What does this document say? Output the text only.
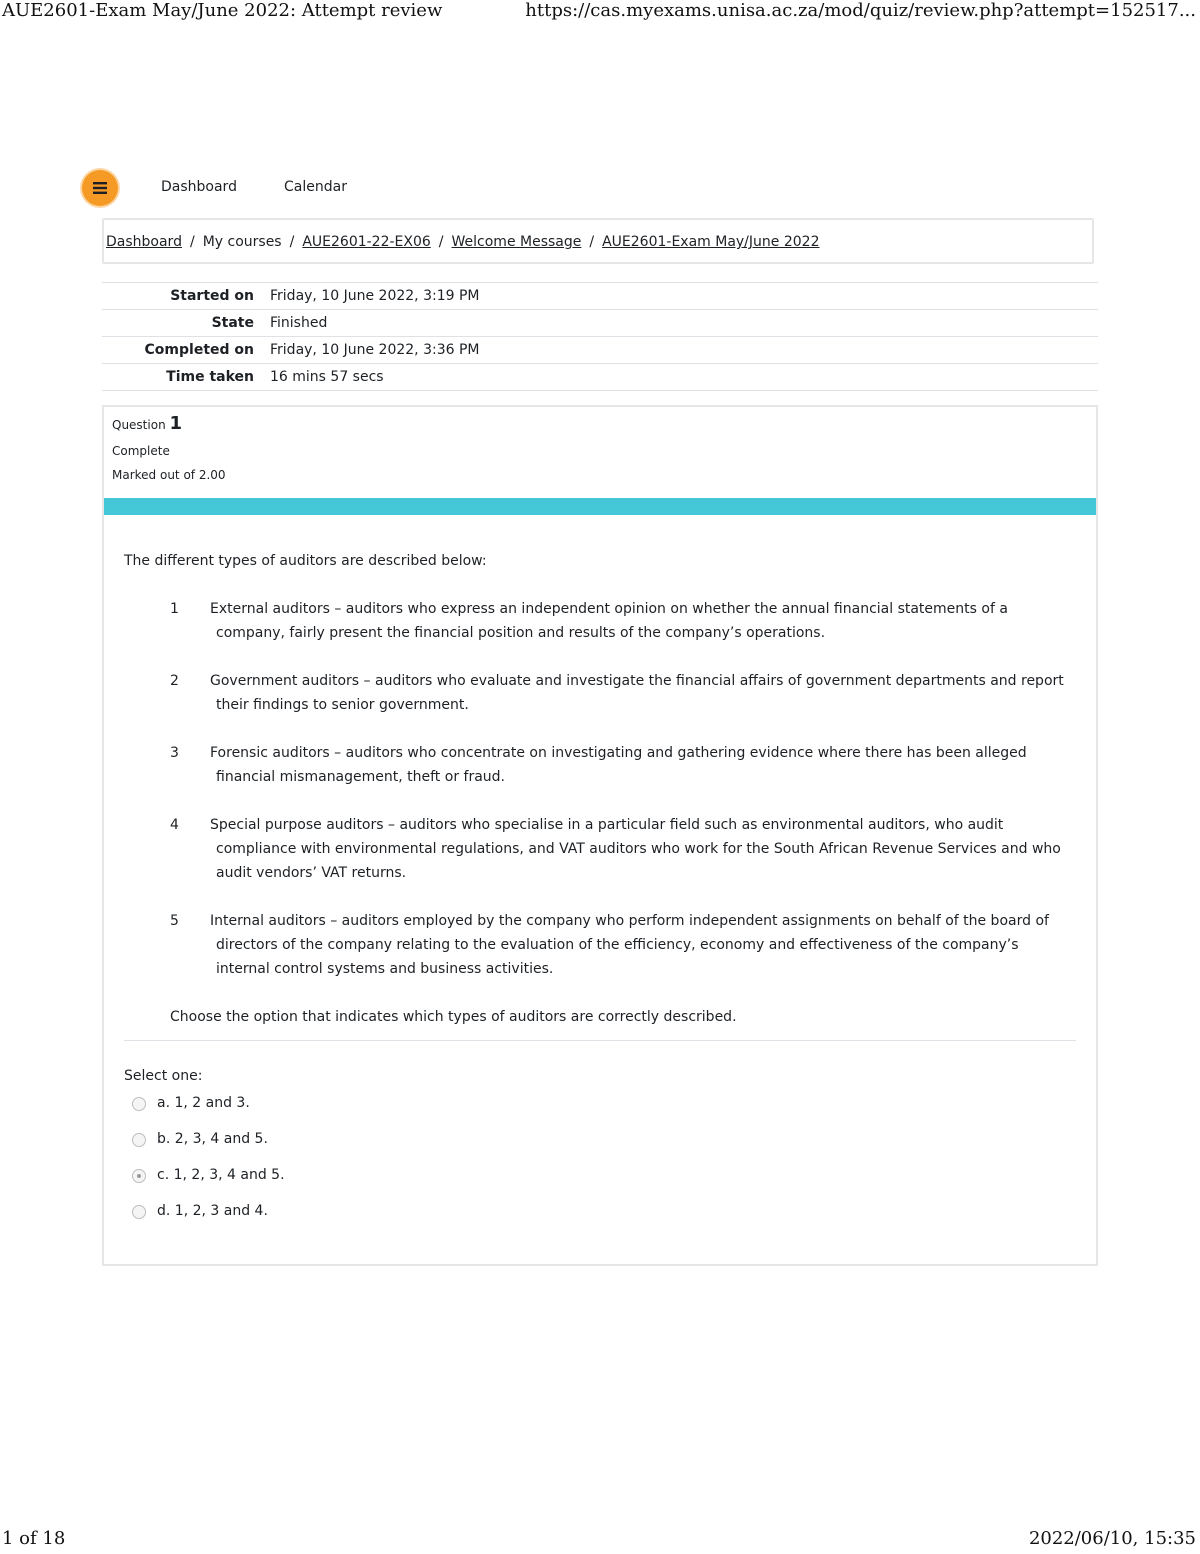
AUE2601-Exam May/June 2022: Attempt review	https://cas.myexams.unisa.ac.za/mod/quiz/review.php?attempt=152517...
Dashboard	Calendar
Dashboard / My courses / AUE2601-22-EX06 / Welcome Message / AUE2601-Exam May/June 2022
Started on	Friday, 10 June 2022, 3:19 PM
State	Finished
Completed on	Friday, 10 June 2022, 3:36 PM
Time taken	16 mins 57 secs
Question 1
Complete
Marked out of 2.00

The different types of auditors are described below:

1 External auditors – auditors who express an independent opinion on whether the annual financial statements of a company, fairly present the financial position and results of the company’s operations.
2 Government auditors – auditors who evaluate and investigate the financial affairs of government departments and report their findings to senior government.
3 Forensic auditors – auditors who concentrate on investigating and gathering evidence where there has been alleged financial mismanagement, theft or fraud.
4 Special purpose auditors – auditors who specialise in a particular field such as environmental auditors, who audit compliance with environmental regulations, and VAT auditors who work for the South African Revenue Services and who audit vendors’ VAT returns.
5 Internal auditors – auditors employed by the company who perform independent assignments on behalf of the board of directors of the company relating to the evaluation of the efficiency, economy and effectiveness of the company’s internal control systems and business activities.

Choose the option that indicates which types of auditors are correctly described.

Select one:
a. 1, 2 and 3.
b. 2, 3, 4 and 5.
c. 1, 2, 3, 4 and 5.
d. 1, 2, 3 and 4.
1 of 18	2022/06/10, 15:35
